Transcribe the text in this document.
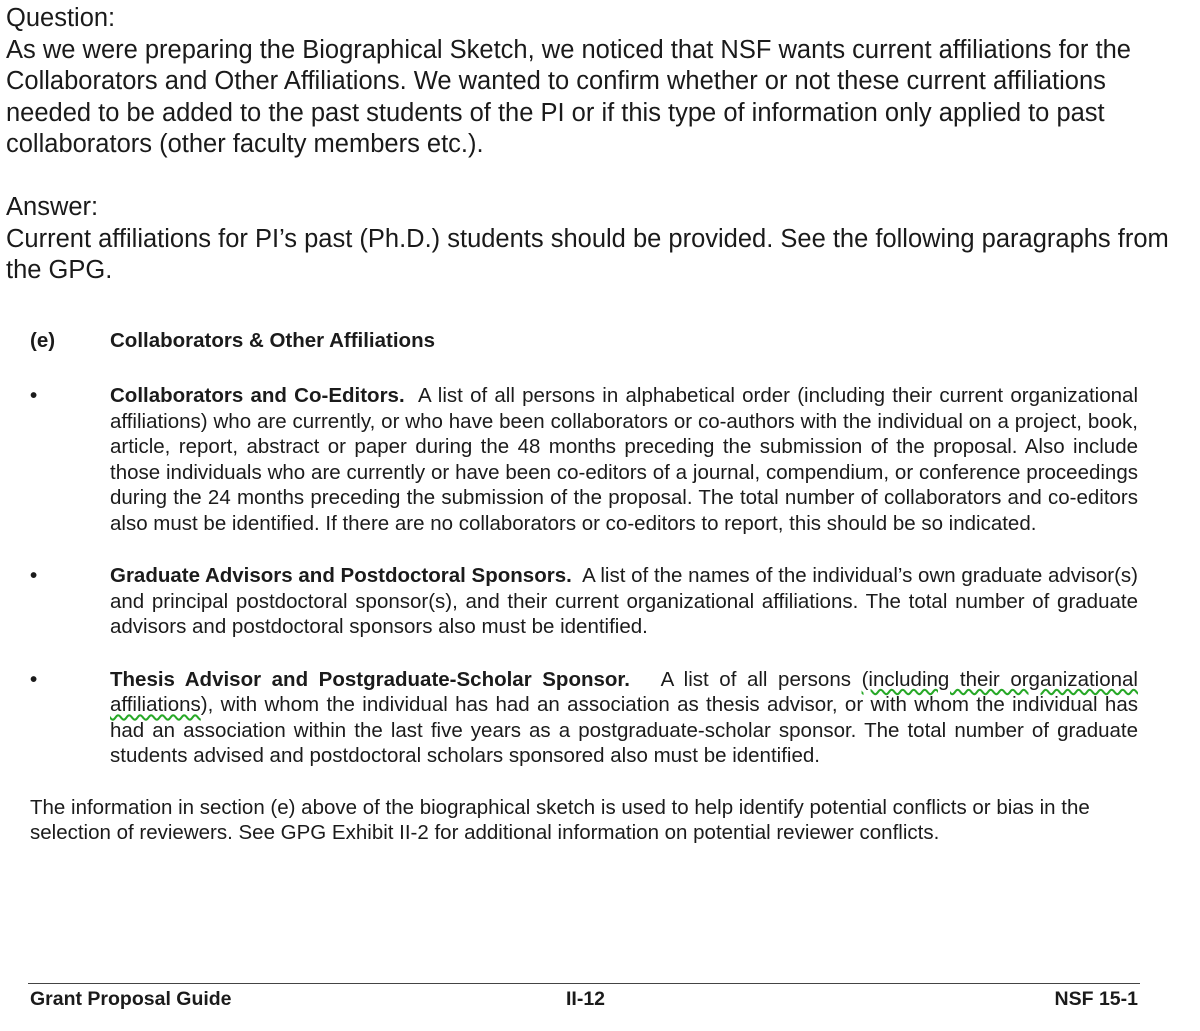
Question:

As we were preparing the Biographical Sketch, we noticed that NSF wants current affiliations for the Collaborators and Other Affiliations. We wanted to confirm whether or not these current affiliations needed to be added to the past students of the PI or if this type of information only applied to past collaborators (other faculty members etc.).

Answer:

Current affiliations for PI’s past (Ph.D.) students should be provided. See the following paragraphs from the GPG.

(e)	Collaborators & Other Affiliations
•	Collaborators and Co-Editors. A list of all persons in alphabetical order (including their current organizational affiliations) who are currently, or who have been collaborators or co-authors with the individual on a project, book, article, report, abstract or paper during the 48 months preceding the submission of the proposal. Also include those individuals who are currently or have been co-editors of a journal, compendium, or conference proceedings during the 24 months preceding the submission of the proposal. The total number of collaborators and co-editors also must be identified. If there are no collaborators or co-editors to report, this should be so indicated.

•	Graduate Advisors and Postdoctoral Sponsors. A list of the names of the individual’s own graduate advisor(s) and principal postdoctoral sponsor(s), and their current organizational affiliations. The total number of graduate advisors and postdoctoral sponsors also must be identified.

•	Thesis Advisor and Postgraduate-Scholar Sponsor. A list of all persons (including their organizational affiliations), with whom the individual has had an association as thesis advisor, or with whom the individual has had an association within the last five years as a postgraduate-scholar sponsor. The total number of graduate students advised and postdoctoral scholars sponsored also must be identified.

The information in section (e) above of the biographical sketch is used to help identify potential conflicts or bias in the selection of reviewers. See GPG Exhibit II-2 for additional information on potential reviewer conflicts.

Grant Proposal Guide	II-12	NSF 15-1
